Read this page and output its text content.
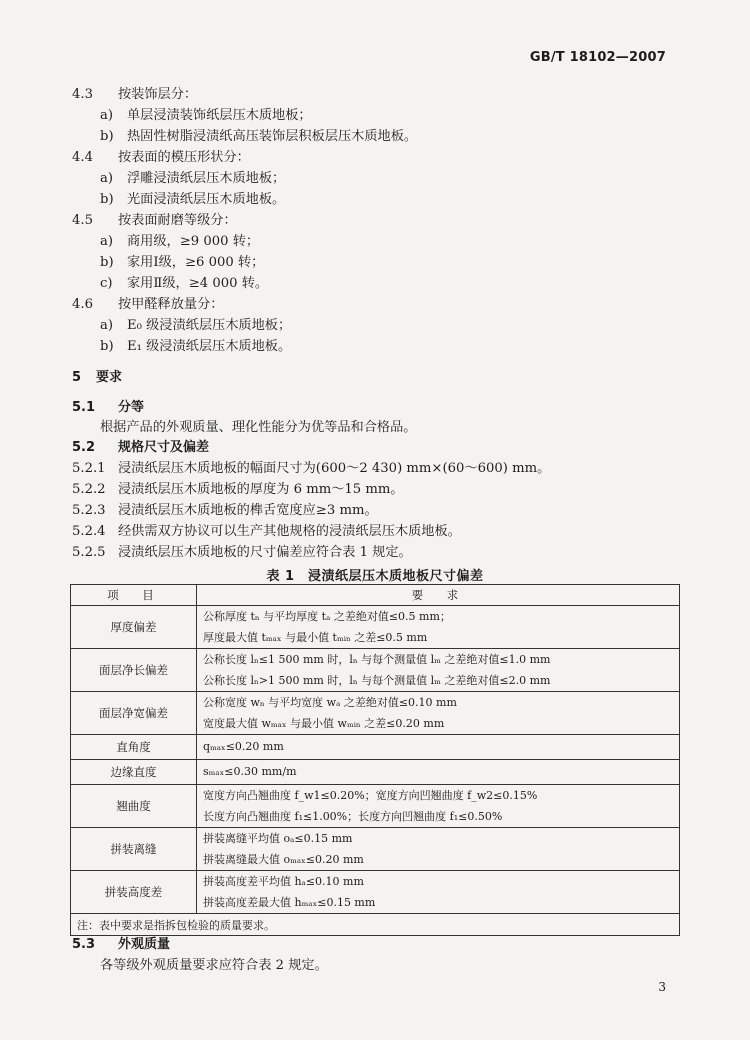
GB/T 18102—2007
4.3 按装饰层分：
a) 单层浸渍装饰纸层压木质地板；
b) 热固性树脂浸渍纸高压装饰层积板层压木质地板。
4.4 按表面的模压形状分：
a) 浮雕浸渍纸层压木质地板；
b) 光面浸渍纸层压木质地板。
4.5 按表面耐磨等级分：
a) 商用级，≥9 000 转；
b) 家用Ⅰ级，≥6 000 转；
c) 家用Ⅱ级，≥4 000 转。
4.6 按甲醛释放量分：
a) E₀ 级浸渍纸层压木质地板；
b) E₁ 级浸渍纸层压木质地板。
5 要求
5.1 分等
根据产品的外观质量、理化性能分为优等品和合格品。
5.2 规格尺寸及偏差
5.2.1 浸渍纸层压木质地板的幅面尺寸为(600～2 430) mm×(60～600) mm。
5.2.2 浸渍纸层压木质地板的厚度为 6 mm～15 mm。
5.2.3 浸渍纸层压木质地板的榫舌宽度应≥3 mm。
5.2.4 经供需双方协议可以生产其他规格的浸渍纸层压木质地板。
5.2.5 浸渍纸层压木质地板的尺寸偏差应符合表 1 规定。
表 1　浸渍纸层压木质地板尺寸偏差
项　目	要　求
厚度偏差	公称厚度 tₙ 与平均厚度 tₐ 之差绝对值≤0.5 mm；
厚度最大值 tₘₐₓ 与最小值 tₘᵢₙ 之差≤0.5 mm

面层净长偏差	公称长度 lₙ≤1 500 mm 时，lₙ 与每个测量值 lₘ 之差绝对值≤1.0 mm
公称长度 lₙ>1 500 mm 时，lₙ 与每个测量值 lₘ 之差绝对值≤2.0 mm

面层净宽偏差	公称宽度 wₙ 与平均宽度 wₐ 之差绝对值≤0.10 mm
宽度最大值 wₘₐₓ 与最小值 wₘᵢₙ 之差≤0.20 mm

直角度	qₘₐₓ≤0.20 mm

边缘直度	sₘₐₓ≤0.30 mm/m

翘曲度	宽度方向凸翘曲度 f_w1≤0.20%；宽度方向凹翘曲度 f_w2≤0.15%
长度方向凸翘曲度 f₁≤1.00%；长度方向凹翘曲度 f₁≤0.50%

拼装离缝	拼装离缝平均值 oₐ≤0.15 mm
拼装离缝最大值 oₘₐₓ≤0.20 mm

拼装高度差	拼装高度差平均值 hₐ≤0.10 mm
拼装高度差最大值 hₘₐₓ≤0.15 mm

注：表中要求是指拆包检验的质量要求。	
5.3 外观质量
各等级外观质量要求应符合表 2 规定。
3
